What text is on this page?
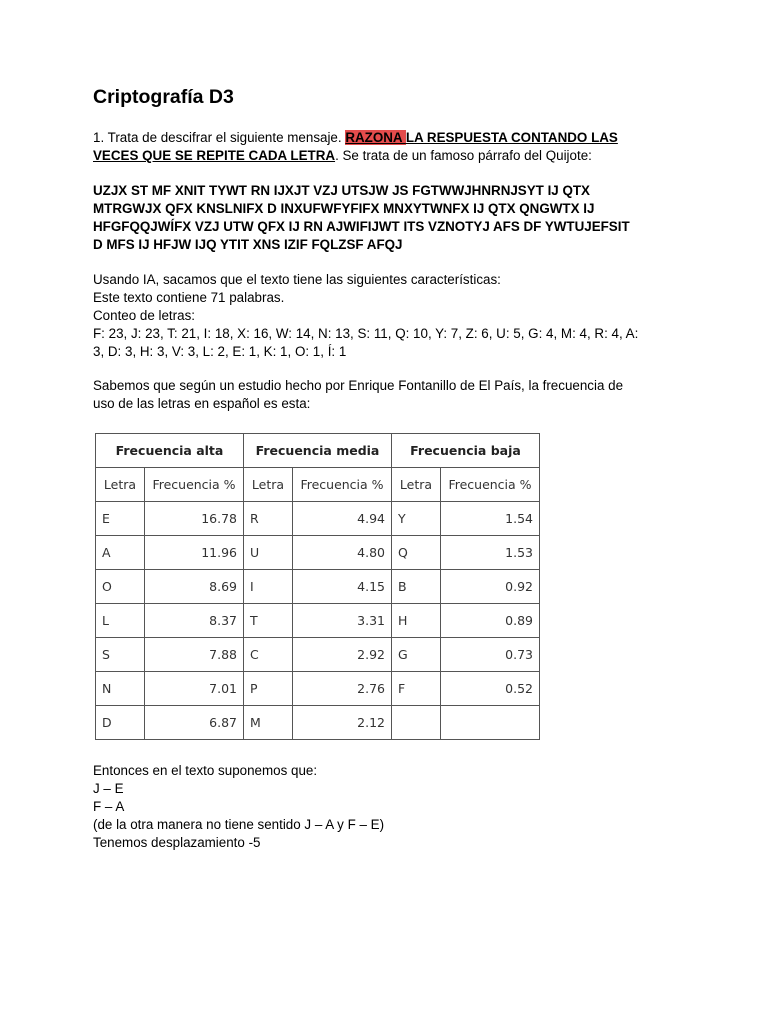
Criptografía D3
1. Trata de descifrar el siguiente mensaje. RAZONA LA RESPUESTA CONTANDO LAS
VECES QUE SE REPITE CADA LETRA. Se trata de un famoso párrafo del Quijote:
UZJX ST MF XNIT TYWT RN IJXJT VZJ UTSJW JS FGTWWJHNRNJSYT IJ QTX
MTRGWJX QFX KNSLNIFX D INXUFWFYFIFX MNXYTWNFX IJ QTX QNGWTX IJ
HFGFQQJWÍFX VZJ UTW QFX IJ RN AJWIFIJWT ITS VZNOTYJ AFS DF YWTUJEFSIT
D MFS IJ HFJW IJQ YTIT XNS IZIF FQLZSF AFQJ
Usando IA, sacamos que el texto tiene las siguientes características:
Este texto contiene 71 palabras.
Conteo de letras:
F: 23, J: 23, T: 21, I: 18, X: 16, W: 14, N: 13, S: 11, Q: 10, Y: 7, Z: 6, U: 5, G: 4, M: 4, R: 4, A:
3, D: 3, H: 3, V: 3, L: 2, E: 1, K: 1, O: 1, Í: 1
Sabemos que según un estudio hecho por Enrique Fontanillo de El País, la frecuencia de
uso de las letras en español es esta:
Frecuencia alta		Frecuencia media		Frecuencia baja	
Letra	Frecuencia %	Letra	Frecuencia %	Letra	Frecuencia %
E	16.78	R	4.94	Y	1.54
A	11.96	U	4.80	Q	1.53
O	8.69	I	4.15	B	0.92
L	8.37	T	3.31	H	0.89
S	7.88	C	2.92	G	0.73
N	7.01	P	2.76	F	0.52
D	6.87	M	2.12		
Entonces en el texto suponemos que:
J – E
F – A
(de la otra manera no tiene sentido J – A y F – E)
Tenemos desplazamiento -5
